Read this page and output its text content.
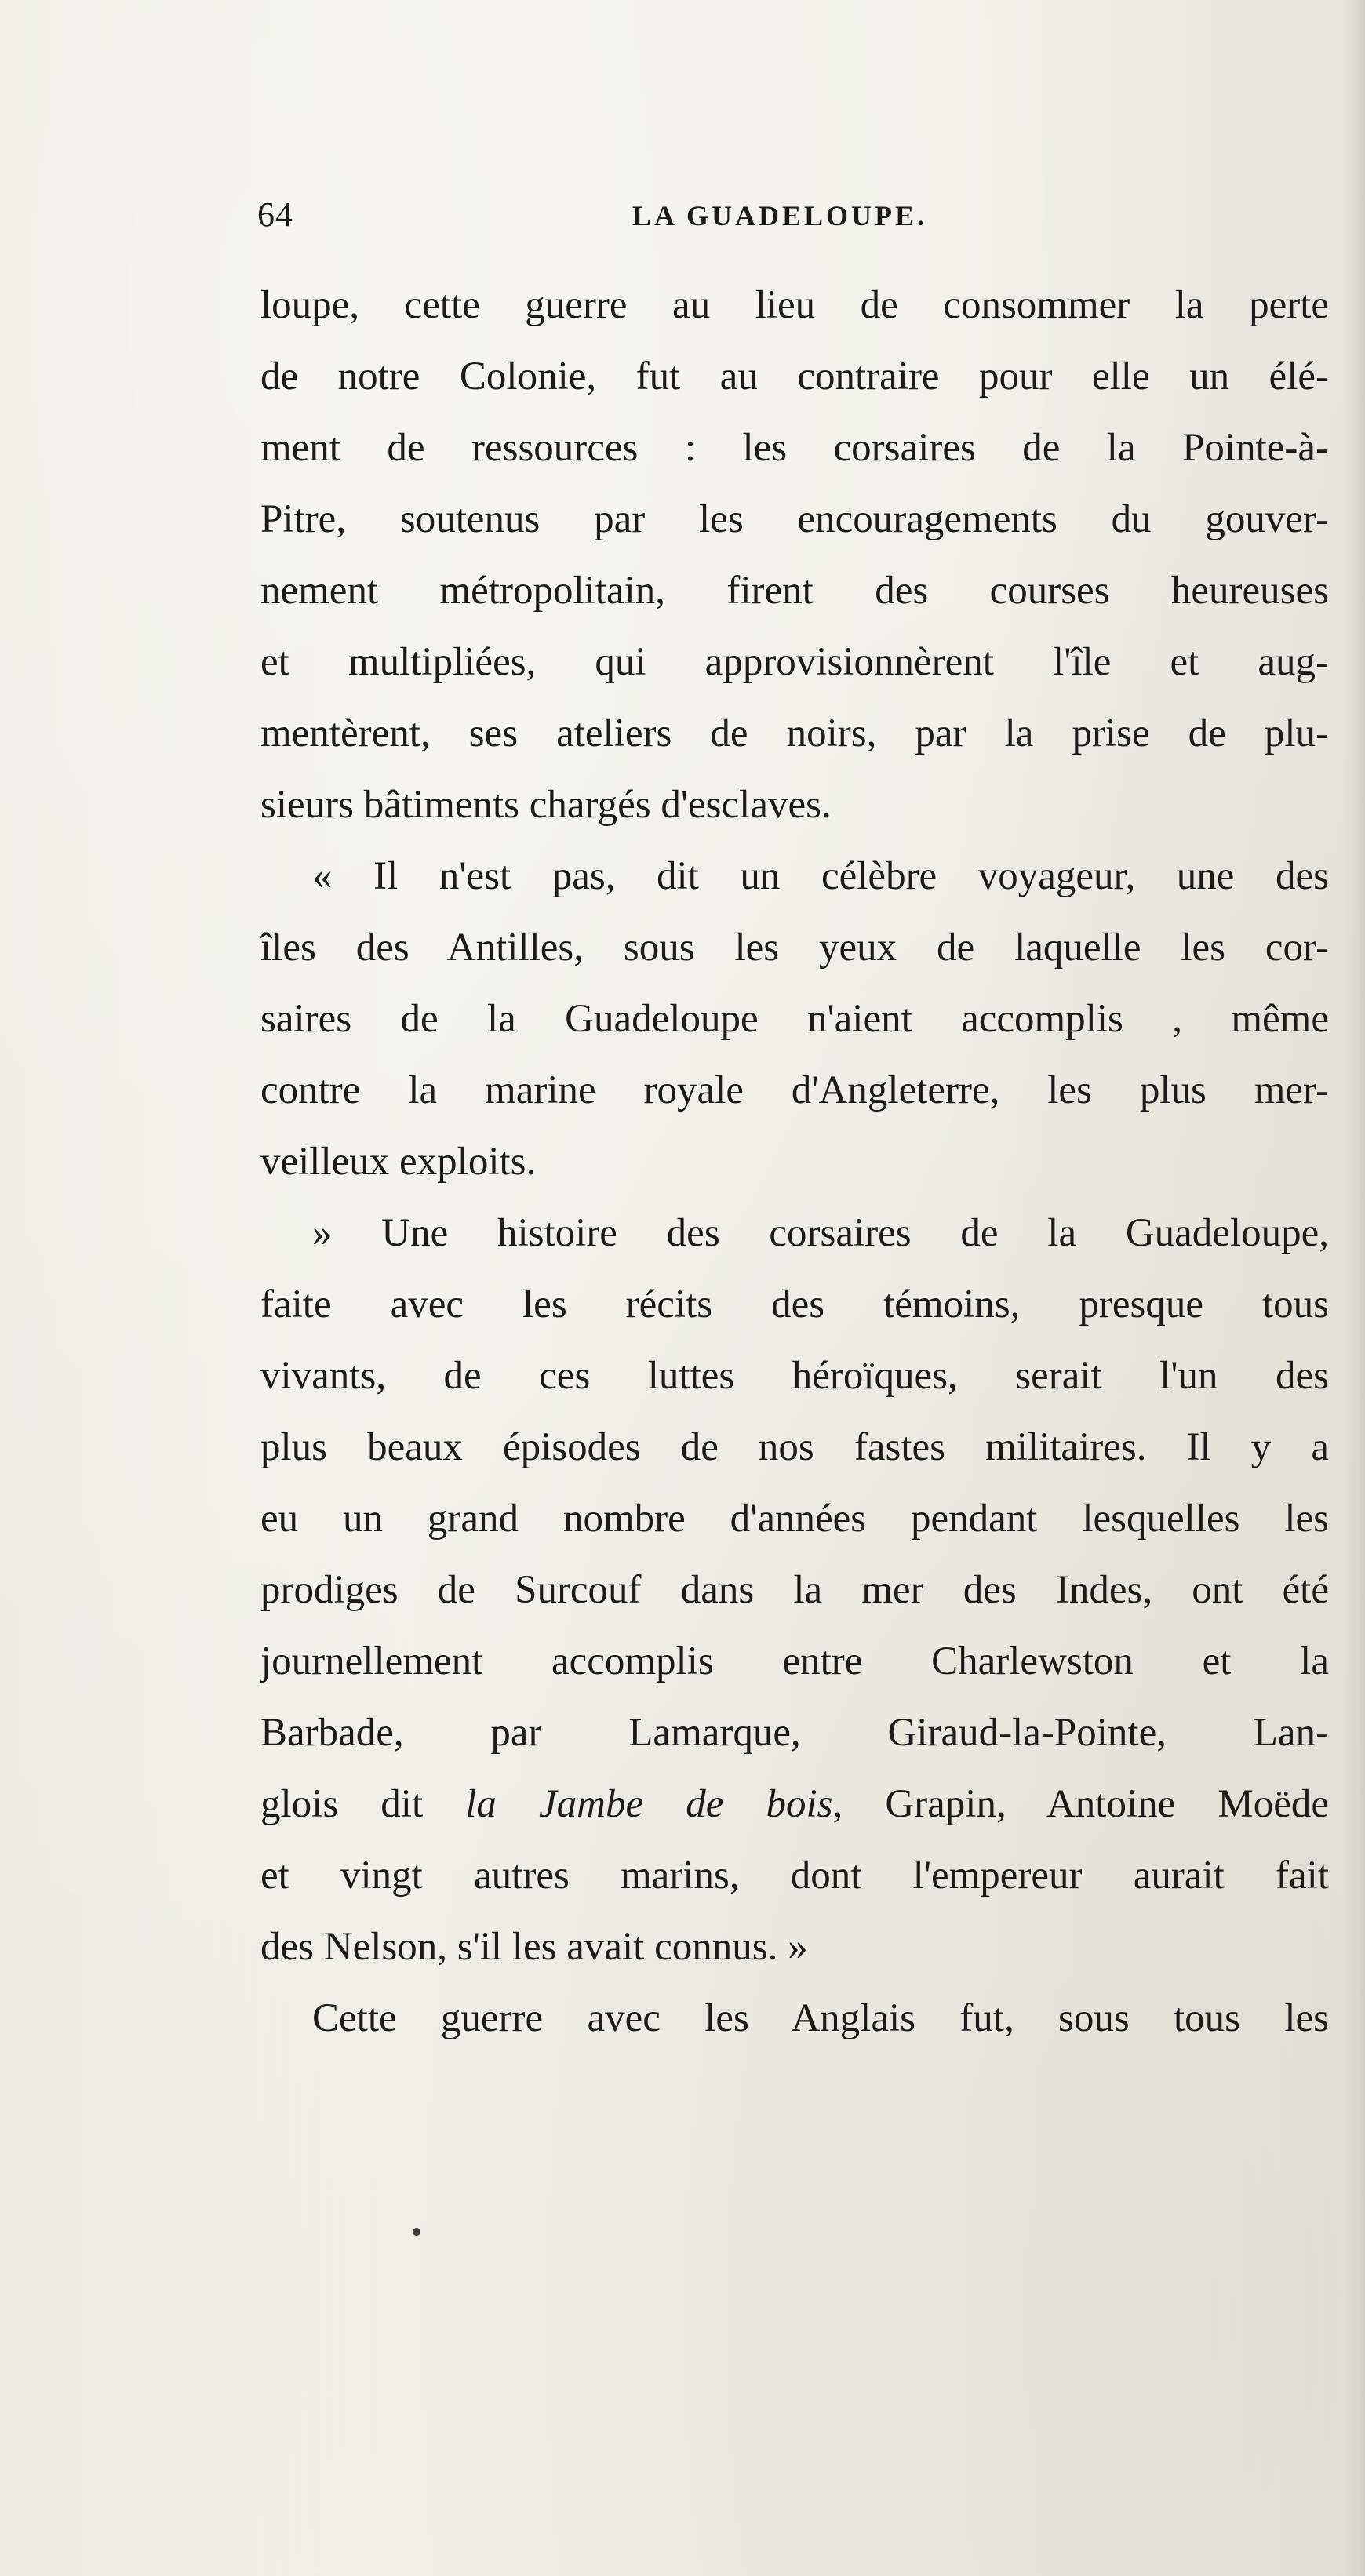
64	LA GUADELOUPE.
loupe, cette guerre au lieu de consommer la perte
de notre Colonie, fut au contraire pour elle un élé-
ment de ressources : les corsaires de la Pointe-à-
Pitre, soutenus par les encouragements du gouver-
nement métropolitain, firent des courses heureuses
et multipliées, qui approvisionnèrent l'île et aug-
mentèrent, ses ateliers de noirs, par la prise de plu-
sieurs bâtiments chargés d'esclaves.
« Il n'est pas, dit un célèbre voyageur, une des
îles des Antilles, sous les yeux de laquelle les cor-
saires de la Guadeloupe n'aient accomplis , même
contre la marine royale d'Angleterre, les plus mer-
veilleux exploits.
» Une histoire des corsaires de la Guadeloupe,
faite avec les récits des témoins, presque tous
vivants, de ces luttes héroïques, serait l'un des
plus beaux épisodes de nos fastes militaires. Il y a
eu un grand nombre d'années pendant lesquelles les
prodiges de Surcouf dans la mer des Indes, ont été
journellement accomplis entre Charlewston et la
Barbade, par Lamarque, Giraud-la-Pointe, Lan-
glois dit la Jambe de bois, Grapin, Antoine Moëde
et vingt autres marins, dont l'empereur aurait fait
des Nelson, s'il les avait connus. »
Cette guerre avec les Anglais fut, sous tous les
